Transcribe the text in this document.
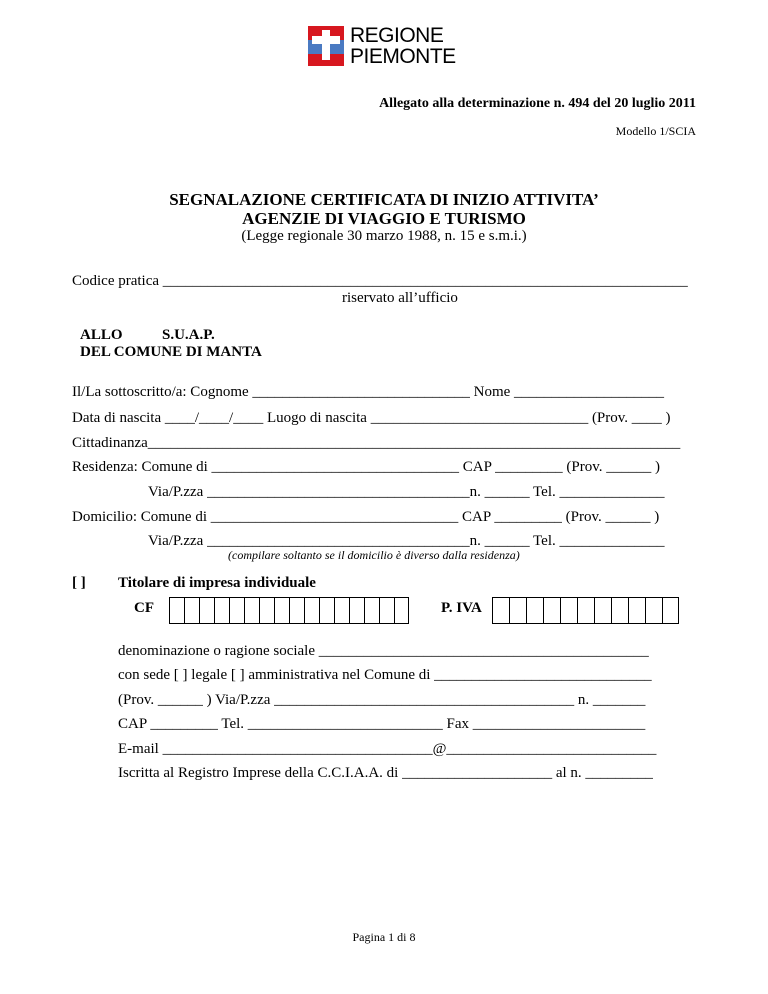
REGIONE
PIEMONTE
Allegato alla determinazione n. 494 del 20 luglio 2011
Modello 1/SCIA
SEGNALAZIONE CERTIFICATA DI INIZIO ATTIVITA’
AGENZIE DI VIAGGIO E TURISMO
(Legge regionale 30 marzo 1988, n. 15 e s.m.i.)
Codice pratica ______________________________________________________________________
riservato all’ufficio
ALLO	S.U.A.P.
DEL COMUNE DI MANTA
Il/La sottoscritto/a: Cognome _____________________________ Nome ____________________
Data di nascita ____/____/____ Luogo di nascita _____________________________ (Prov. ____ )
Cittadinanza_______________________________________________________________________
Residenza: Comune di _________________________________ CAP _________ (Prov. ______ )
Via/P.zza ___________________________________n. ______ Tel. ______________
Domicilio: Comune di _________________________________ CAP _________ (Prov. ______ )
Via/P.zza ___________________________________n. ______ Tel. ______________
(compilare soltanto se il domicilio è diverso dalla residenza)
[ ] Titolare di impresa individuale
CF	P. IVA
denominazione o ragione sociale ____________________________________________
con sede [ ] legale [ ] amministrativa nel Comune di _____________________________
(Prov. ______ ) Via/P.zza ________________________________________ n. _______
CAP _________ Tel. __________________________ Fax _______________________
E-mail ____________________________________@____________________________
Iscritta al Registro Imprese della C.C.I.A.A. di ____________________ al n. _________
Pagina 1 di 8
